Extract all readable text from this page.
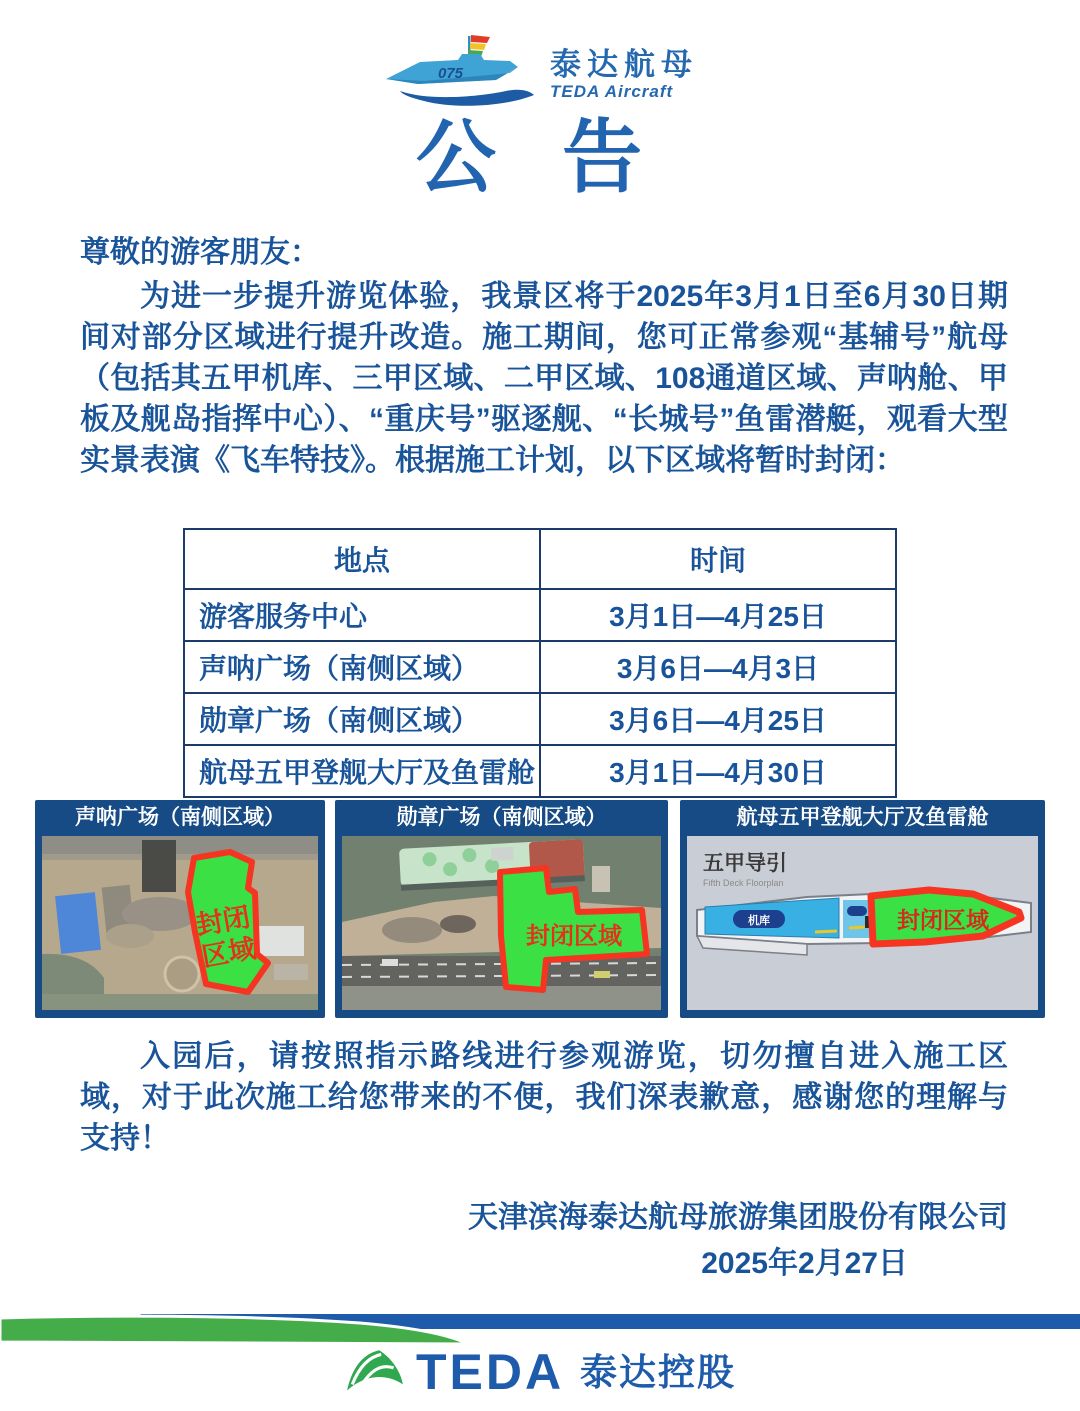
075	泰达航母
TEDA Aircraft
公 告

尊敬的游客朋友：

为进一步提升游览体验，我景区将于2025年3月1日至6月30日期间对部分区域进行提升改造。施工期间，您可正常参观“基辅号”航母（包括其五甲机库、三甲区域、二甲区域、108通道区域、声呐舱、甲板及舰岛指挥中心）、“重庆号”驱逐舰、“长城号”鱼雷潜艇，观看大型实景表演《飞车特技》。根据施工计划，以下区域将暂时封闭：

地点	时间
游客服务中心	3月1日—4月25日
声呐广场（南侧区域）	3月6日—4月3日
勋章广场（南侧区域）	3月6日—4月25日
航母五甲登舰大厅及鱼雷舱	3月1日—4月30日
声呐广场（南侧区域）
封闭
区域
勋章广场（南侧区域）
封闭区域
航母五甲登舰大厅及鱼雷舱
五甲导引
Fifth Deck Floorplan
机库	封闭区域

入园后，请按照指示路线进行参观游览，切勿擅自进入施工区域，对于此次施工给您带来的不便，我们深表歉意，感谢您的理解与支持！

天津滨海泰达航母旅游集团股份有限公司

2025年2月27日

TEDA 泰达控股
